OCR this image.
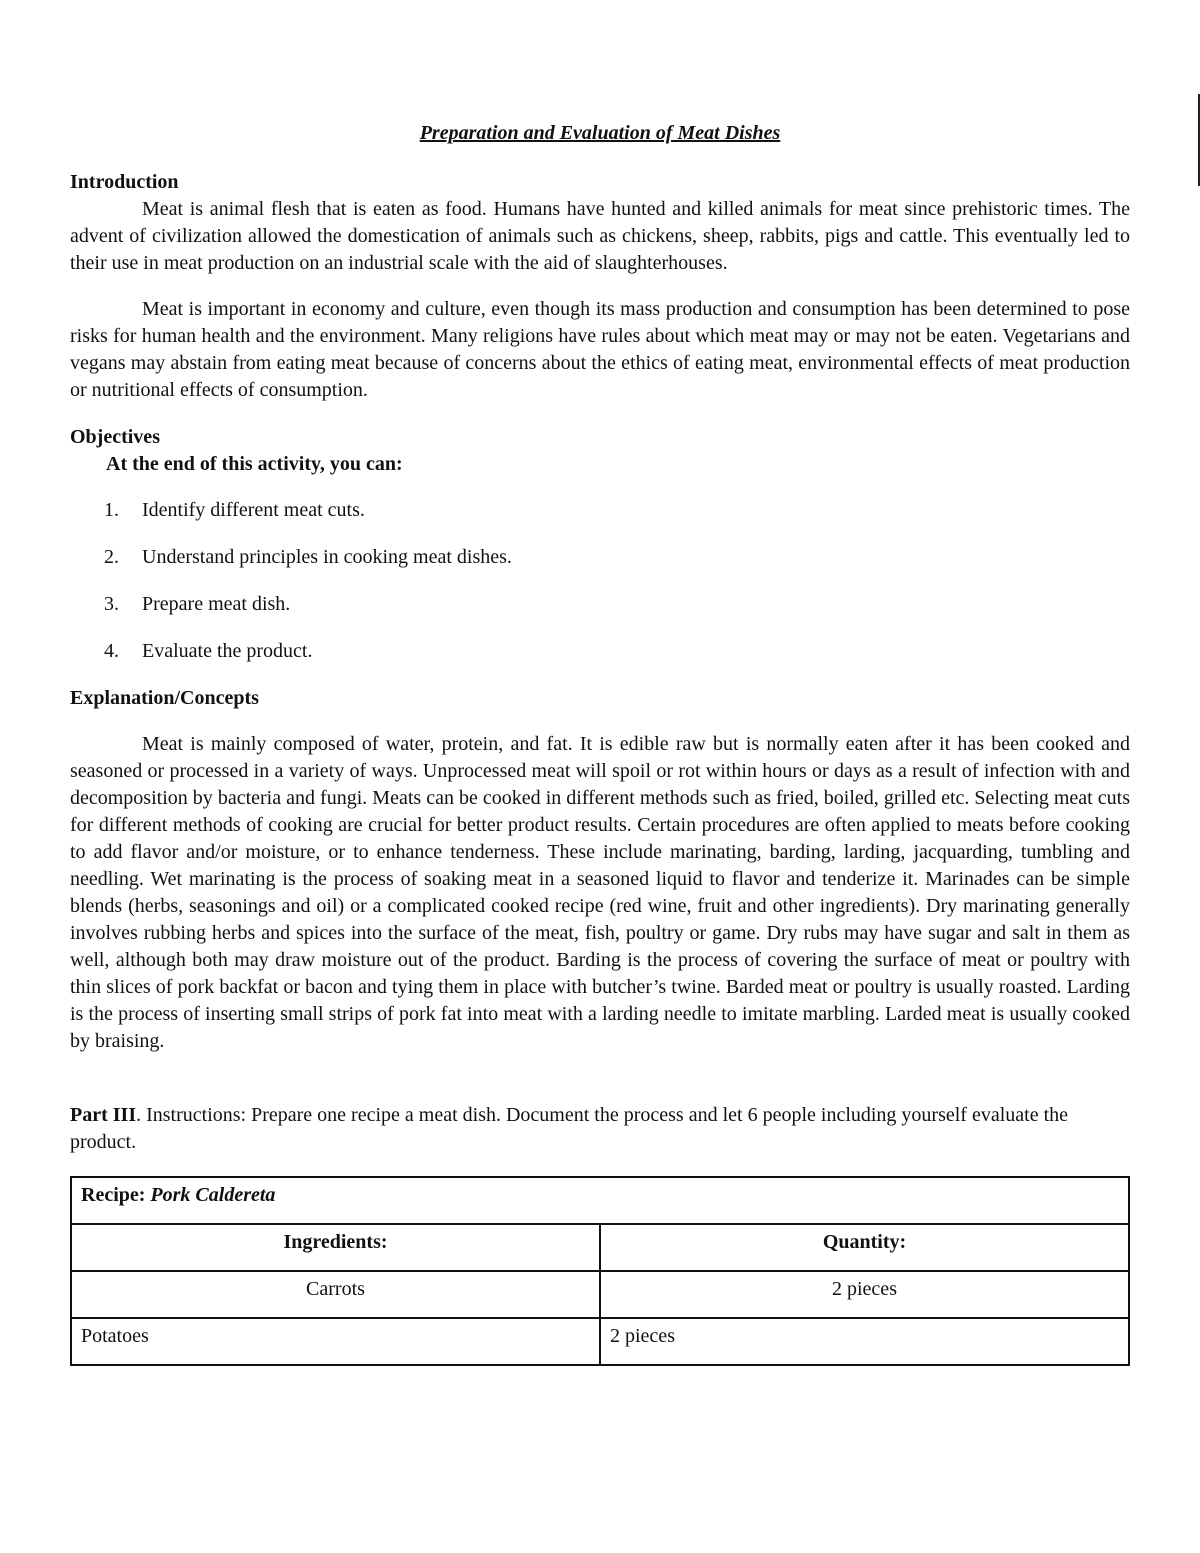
Preparation and Evaluation of Meat Dishes
Introduction

Meat is animal flesh that is eaten as food. Humans have hunted and killed animals for meat since prehistoric times. The advent of civilization allowed the domestication of animals such as chickens, sheep, rabbits, pigs and cattle. This eventually led to their use in meat production on an industrial scale with the aid of slaughterhouses.

Meat is important in economy and culture, even though its mass production and consumption has been determined to pose risks for human health and the environment. Many religions have rules about which meat may or may not be eaten. Vegetarians and vegans may abstain from eating meat because of concerns about the ethics of eating meat, environmental effects of meat production or nutritional effects of consumption.

Objectives

At the end of this activity, you can:

1. Identify different meat cuts.
2. Understand principles in cooking meat dishes.
3. Prepare meat dish.
4. Evaluate the product.
Explanation/Concepts

Meat is mainly composed of water, protein, and fat. It is edible raw but is normally eaten after it has been cooked and seasoned or processed in a variety of ways. Unprocessed meat will spoil or rot within hours or days as a result of infection with and decomposition by bacteria and fungi. Meats can be cooked in different methods such as fried, boiled, grilled etc. Selecting meat cuts for different methods of cooking are crucial for better product results. Certain procedures are often applied to meats before cooking to add flavor and/or moisture, or to enhance tenderness. These include marinating, barding, larding, jacquarding, tumbling and needling. Wet marinating is the process of soaking meat in a seasoned liquid to flavor and tenderize it. Marinades can be simple blends (herbs, seasonings and oil) or a complicated cooked recipe (red wine, fruit and other ingredients). Dry marinating generally involves rubbing herbs and spices into the surface of the meat, fish, poultry or game. Dry rubs may have sugar and salt in them as well, although both may draw moisture out of the product. Barding is the process of covering the surface of meat or poultry with thin slices of pork backfat or bacon and tying them in place with butcher’s twine. Barded meat or poultry is usually roasted. Larding is the process of inserting small strips of pork fat into meat with a larding needle to imitate marbling. Larded meat is usually cooked by braising.

Part III. Instructions: Prepare one recipe a meat dish. Document the process and let 6 people including yourself evaluate the product.

Recipe: Pork Caldereta	
Ingredients:	Quantity:
Carrots	2 pieces
Potatoes	2 pieces
